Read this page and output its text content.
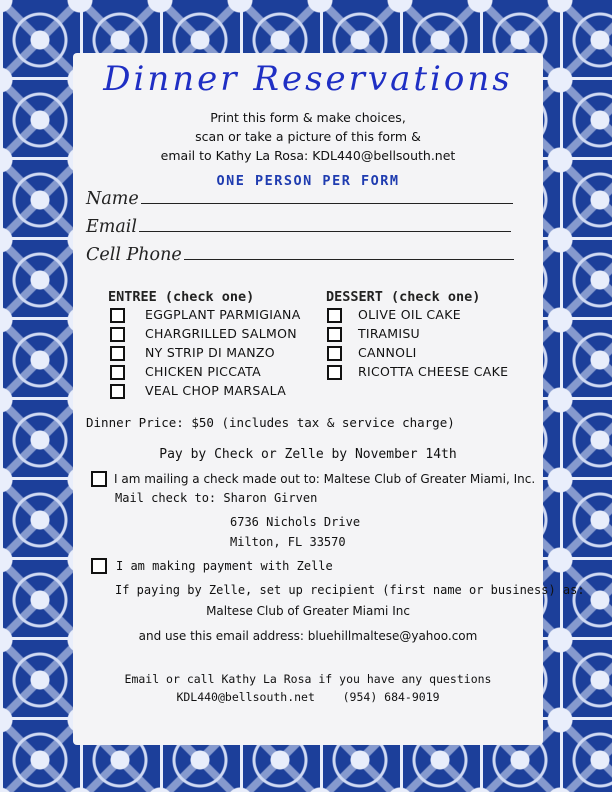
Dinner Reservations
Print this form & make choices,
scan or take a picture of this form &
email to Kathy La Rosa: KDL440@bellsouth.net
ONE PERSON PER FORM
Name
Email
Cell Phone
ENTREE (check one)
EGGPLANT PARMIGIANA
CHARGRILLED SALMON
NY STRIP DI MANZO
CHICKEN PICCATA
VEAL CHOP MARSALA
DESSERT (check one)
OLIVE OIL CAKE
TIRAMISU
CANNOLI
RICOTTA CHEESE CAKE
Dinner Price: $50 (includes tax & service charge)
Pay by Check or Zelle by November 14th
I am mailing a check made out to: Maltese Club of Greater Miami, Inc.
Mail check to: Sharon Girven
6736 Nichols Drive
Milton, FL 33570
I am making payment with Zelle
If paying by Zelle, set up recipient (first name or business) as:
Maltese Club of Greater Miami Inc
and use this email address: bluehillmaltese@yahoo.com
Email or call Kathy La Rosa if you have any questions
KDL440@bellsouth.net (954) 684-9019
